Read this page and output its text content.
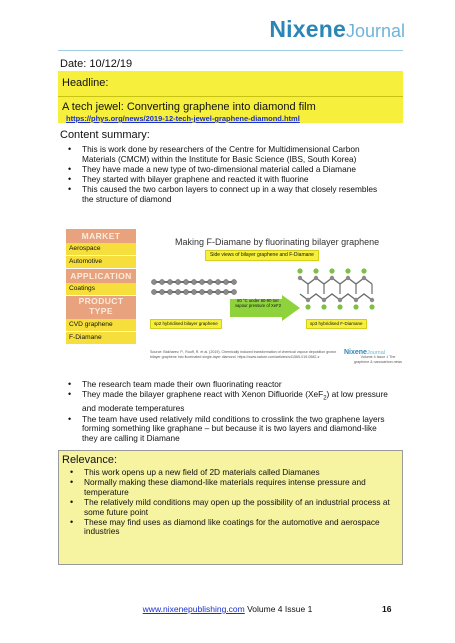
NixeneJournal
Date: 10/12/19
Headline:
A tech jewel: Converting graphene into diamond film
https://phys.org/news/2019-12-tech-jewel-graphene-diamond.html
Content summary:
• This is work done by researchers of the Centre for Multidimensional Carbon Materials (CMCM) within the Institute for Basic Science (IBS, South Korea)
• They have made a new type of two-dimensional material called a Diamane
• They started with bilayer graphene and reacted it with fluorine
• This caused the two carbon layers to connect up in a way that closely resembles the structure of diamond
MARKET
Aerospace
Automotive
APPLICATION
Coatings
PRODUCT TYPE
CVD graphene
F-Diamane
Making F-Diamane by fluorinating bilayer graphene
Side views of bilayer graphene and F-Diamane
80 °C under 60-90 torr vapour pressure of XeF2
sp2 hybridised bilayer graphene	sp3 hybridised F-Diamane
Source: Bakharev, P., Ruoff, R. et al. (2019). Chemically induced transformation of chemical vapour deposition grown bilayer graphene into fluorinated single-layer diamond. https://www.nature.com/articles/s41565-019-0582-z
NixeneJournal
Volume 4 Issue 1 The graphene & nanocarbon news
• The research team made their own fluorinating reactor
• They made the bilayer graphene react with Xenon Difluoride (XeF$_2$) at low pressure and moderate temperatures
• The team have used relatively mild conditions to crosslink the two graphene layers forming something like graphane – but because it is two layers and diamond-like they are calling it Diamane
Relevance:
• This work opens up a new field of 2D materials called Diamanes
• Normally making these diamond-like materials requires intense pressure and temperature
• The relatively mild conditions may open up the possibility of an industrial process at some future point
• These may find uses as diamond like coatings for the automotive and aerospace industries
www.nixenepublishing.com Volume 4 Issue 1	16
